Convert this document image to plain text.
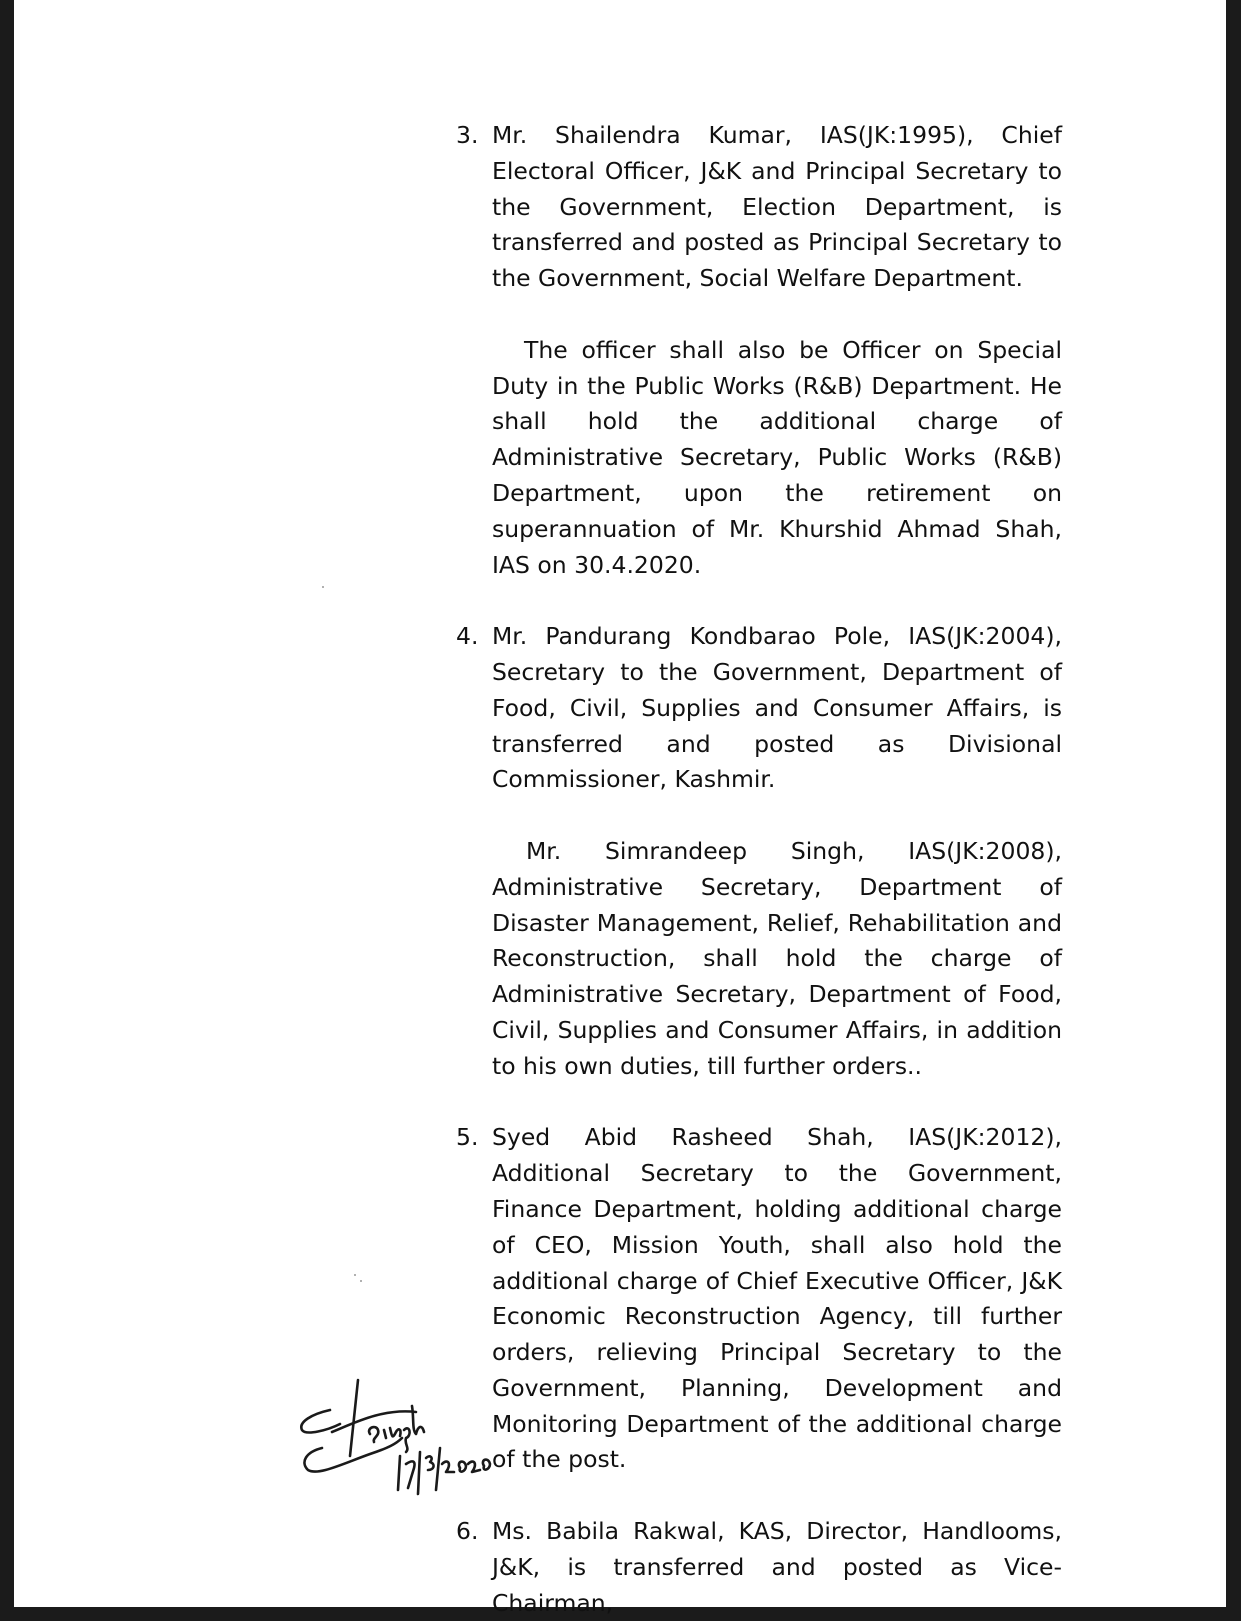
3. Mr. Shailendra Kumar, IAS(JK:1995), Chief Electoral Officer, J&K and Principal Secretary to the Government, Election Department, is transferred and posted as Principal Secretary to the Government, Social Welfare Department.
The officer shall also be Officer on Special Duty in the Public Works (R&B) Department. He shall hold the additional charge of Administrative Secretary, Public Works (R&B) Department, upon the retirement on superannuation of Mr. Khurshid Ahmad Shah, IAS on 30.4.2020.
4. Mr. Pandurang Kondbarao Pole, IAS(JK:2004), Secretary to the Government, Department of Food, Civil, Supplies and Consumer Affairs, is transferred and posted as Divisional Commissioner, Kashmir.
Mr. Simrandeep Singh, IAS(JK:2008), Administrative Secretary, Department of Disaster Management, Relief, Rehabilitation and Reconstruction, shall hold the charge of Administrative Secretary, Department of Food, Civil, Supplies and Consumer Affairs, in addition to his own duties, till further orders..
5. Syed Abid Rasheed Shah, IAS(JK:2012), Additional Secretary to the Government, Finance Department, holding additional charge of CEO, Mission Youth, shall also hold the additional charge of Chief Executive Officer, J&K Economic Reconstruction Agency, till further orders, relieving Principal Secretary to the Government, Planning, Development and Monitoring Department of the additional charge of the post.
6. Ms. Babila Rakwal, KAS, Director, Handlooms, J&K, is transferred and posted as Vice-Chairman,
